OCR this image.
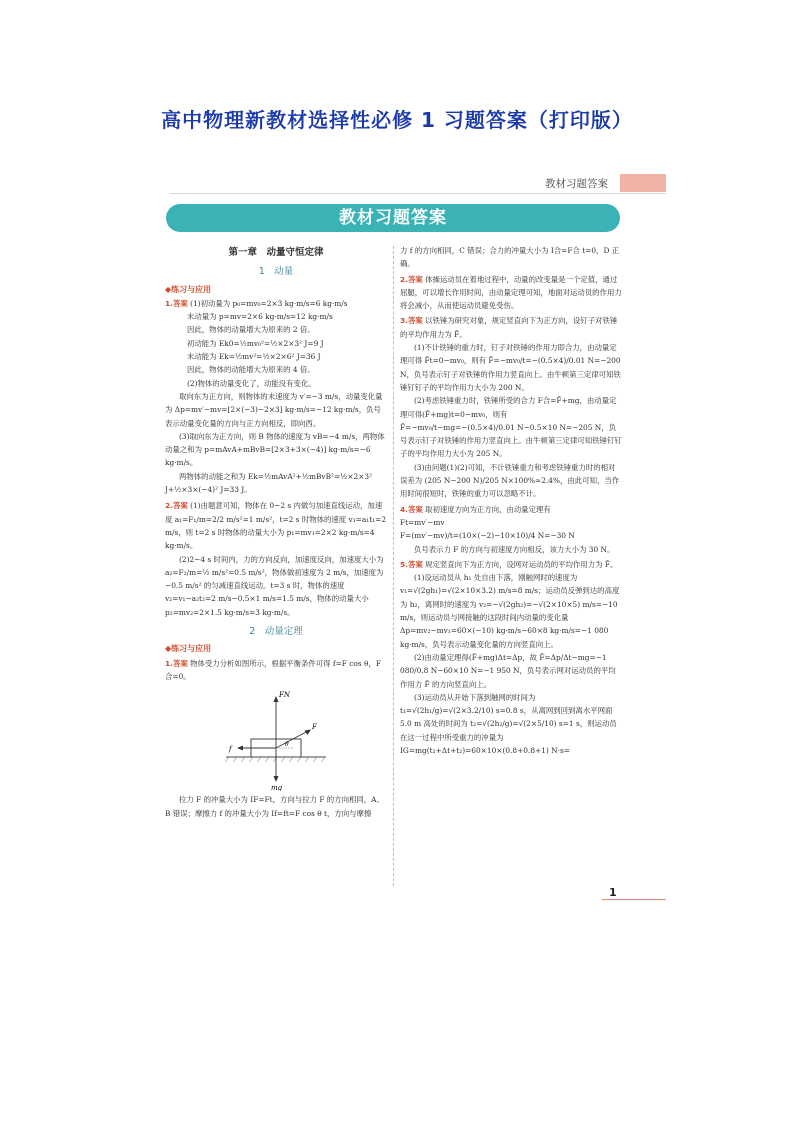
高中物理新教材选择性必修 1 习题答案（打印版）
教材习题答案
教材习题答案
第一章　动量守恒定律
1　动量
◆练习与应用

1.答案 (1)初动量为 p₀=mv₀=2×3 kg·m/s=6 kg·m/s

末动量为 p=mv=2×6 kg·m/s=12 kg·m/s

因此，物体的动量增大为原来的 2 倍。

初动能为 Ek0=½mv₀²=½×2×3² J=9 J

末动能为 Ek=½mv²=½×2×6² J=36 J

因此，物体的动能增大为原来的 4 倍。

(2)物体的动量变化了，动能没有变化。

取向东为正方向，则物体的末速度为 v′=−3 m/s，动量变化量为 Δp=mv′−mv=[2×(−3)−2×3] kg·m/s=−12 kg·m/s，负号表示动量变化量的方向与正方向相反，即向西。

(3)取向东为正方向，则 B 物体的速度为 vB=−4 m/s，两物体动量之和为 p=mAvA+mBvB=[2×3+3×(−4)] kg·m/s=−6 kg·m/s。

两物体的动能之和为 Ek=½mAvA²+½mBvB²=½×2×3² J+½×3×(−4)² J=33 J。

2.答案 (1)由题意可知，物体在 0~2 s 内做匀加速直线运动，加速度 a₁=F₁/m=2/2 m/s²=1 m/s²，t=2 s 时物体的速度 v₁=a₁t₁=2 m/s，则 t=2 s 时物体的动量大小为 p₁=mv₁=2×2 kg·m/s=4 kg·m/s。

(2)2~4 s 时间内，力的方向反向，加速度反向，加速度大小为 a₂=F₂/m=½ m/s²=0.5 m/s²，物体做初速度为 2 m/s，加速度为−0.5 m/s² 的匀减速直线运动。t=3 s 时，物体的速度 v₂=v₁−a₂t₂=2 m/s−0.5×1 m/s=1.5 m/s，物体的动量大小 p₂=mv₂=2×1.5 kg·m/s=3 kg·m/s。

2　动量定理
◆练习与应用

1.答案 物体受力分析如图所示，根据平衡条件可得 f=F cos θ，F合=0。

FN
F
f
θ
mg

拉力 F 的冲量大小为 IF=Ft，方向与拉力 F 的方向相同，A、B 错误；摩擦力 f 的冲量大小为 If=ft=F cos θ t，方向与摩擦

力 f 的方向相同，C 错误；合力的冲量大小为 I合=F合 t=0，D 正确。

2.答案 体操运动员在着地过程中，动量的改变量是一个定值，通过屈腿，可以增长作用时间，由动量定理可知，地面对运动员的作用力将会减小，从而使运动员避免受伤。

3.答案 以铁锤为研究对象，规定竖直向下为正方向，设钉子对铁锤的平均作用力为 F̄。

(1)不计铁锤的重力时，钉子对铁锤的作用力即合力，由动量定理可得 F̄t=0−mv₀，则有 F̄=−mv₀/t=−(0.5×4)/0.01 N=−200 N，负号表示钉子对铁锤的作用力竖直向上。由牛顿第三定律可知铁锤钉钉子的平均作用力大小为 200 N。

(2)考虑铁锤重力时，铁锤所受的合力 F合=F̄+mg，由动量定理可得(F̄+mg)t=0−mv₀，则有 F̄=−mv₀/t−mg=−(0.5×4)/0.01 N−0.5×10 N=−205 N，负号表示钉子对铁锤的作用力竖直向上。由牛顿第三定律可知铁锤钉钉子的平均作用力大小为 205 N。

(3)由问题(1)(2)可知，不计铁锤重力和考虑铁锤重力时的相对误差为 (205 N−200 N)/205 N×100%≈2.4%，由此可知，当作用时间很短时，铁锤的重力可以忽略不计。

4.答案 取初速度方向为正方向，由动量定理有

Ft=mv′−mv

F=(mv′−mv)/t=(10×(−2)−10×10)/4 N=−30 N

负号表示力 F 的方向与初速度方向相反，该力大小为 30 N。

5.答案 规定竖直向下为正方向，设网对运动员的平均作用力为 F̄。

(1)设运动员从 h₁ 处自由下落，刚触网时的速度为 v₁=√(2gh₁)=√(2×10×3.2) m/s=8 m/s；运动员反弹到达的高度为 h₂，离网时的速度为 v₂=−√(2gh₂)=−√(2×10×5) m/s=−10 m/s，则运动员与网接触的这段时间内动量的变化量 Δp=mv₂−mv₁=60×(−10) kg·m/s−60×8 kg·m/s=−1 080 kg·m/s，负号表示动量变化量的方向竖直向上。

(2)由动量定理得(F̄+mg)Δt=Δp，故 F̄=Δp/Δt−mg=−1 080/0.8 N−60×10 N=−1 950 N，负号表示网对运动员的平均作用力 F̄ 的方向竖直向上。

(3)运动员从开始下落到触网的时间为 t₁=√(2h₁/g)=√(2×3.2/10) s=0.8 s，从离网到回到离水平网面 5.0 m 高处的时间为 t₂=√(2h₂/g)=√(2×5/10) s=1 s，则运动员在这一过程中所受重力的冲量为 IG=mg(t₁+Δt+t₂)=60×10×(0.8+0.8+1) N·s=

1
